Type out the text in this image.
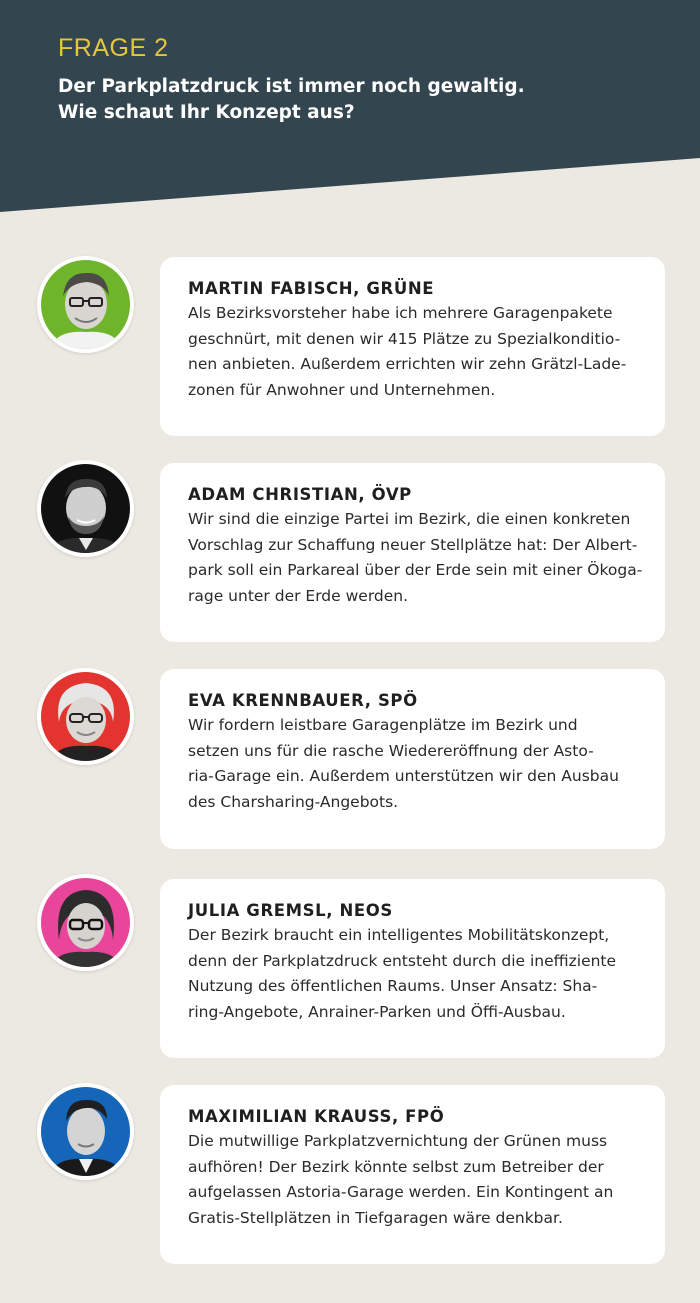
FRAGE 2
Der Parkplatzdruck ist immer noch gewaltig.
Wie schaut Ihr Konzept aus?
MARTIN FABISCH, GRÜNE
Als Bezirksvorsteher habe ich mehrere Garagenpakete
geschnürt, mit denen wir 415 Plätze zu Spezialkonditio-
nen anbieten. Außerdem errichten wir zehn Grätzl-Lade-
zonen für Anwohner und Unternehmen.
ADAM CHRISTIAN, ÖVP
Wir sind die einzige Partei im Bezirk, die einen konkreten
Vorschlag zur Schaffung neuer Stellplätze hat: Der Albert-
park soll ein Parkareal über der Erde sein mit einer Ökoga-
rage unter der Erde werden.
EVA KRENNBAUER, SPÖ
Wir fordern leistbare Garagenplätze im Bezirk und
setzen uns für die rasche Wiedereröffnung der Asto-
ria-Garage ein. Außerdem unterstützen wir den Ausbau
des Charsharing-Angebots.
JULIA GREMSL, NEOS
Der Bezirk braucht ein intelligentes Mobilitätskonzept,
denn der Parkplatzdruck entsteht durch die ineffiziente
Nutzung des öffentlichen Raums. Unser Ansatz: Sha-
ring-Angebote, Anrainer-Parken und Öffi-Ausbau.
MAXIMILIAN KRAUSS, FPÖ
Die mutwillige Parkplatzvernichtung der Grünen muss
aufhören! Der Bezirk könnte selbst zum Betreiber der
aufgelassen Astoria-Garage werden. Ein Kontingent an
Gratis-Stellplätzen in Tiefgaragen wäre denkbar.
